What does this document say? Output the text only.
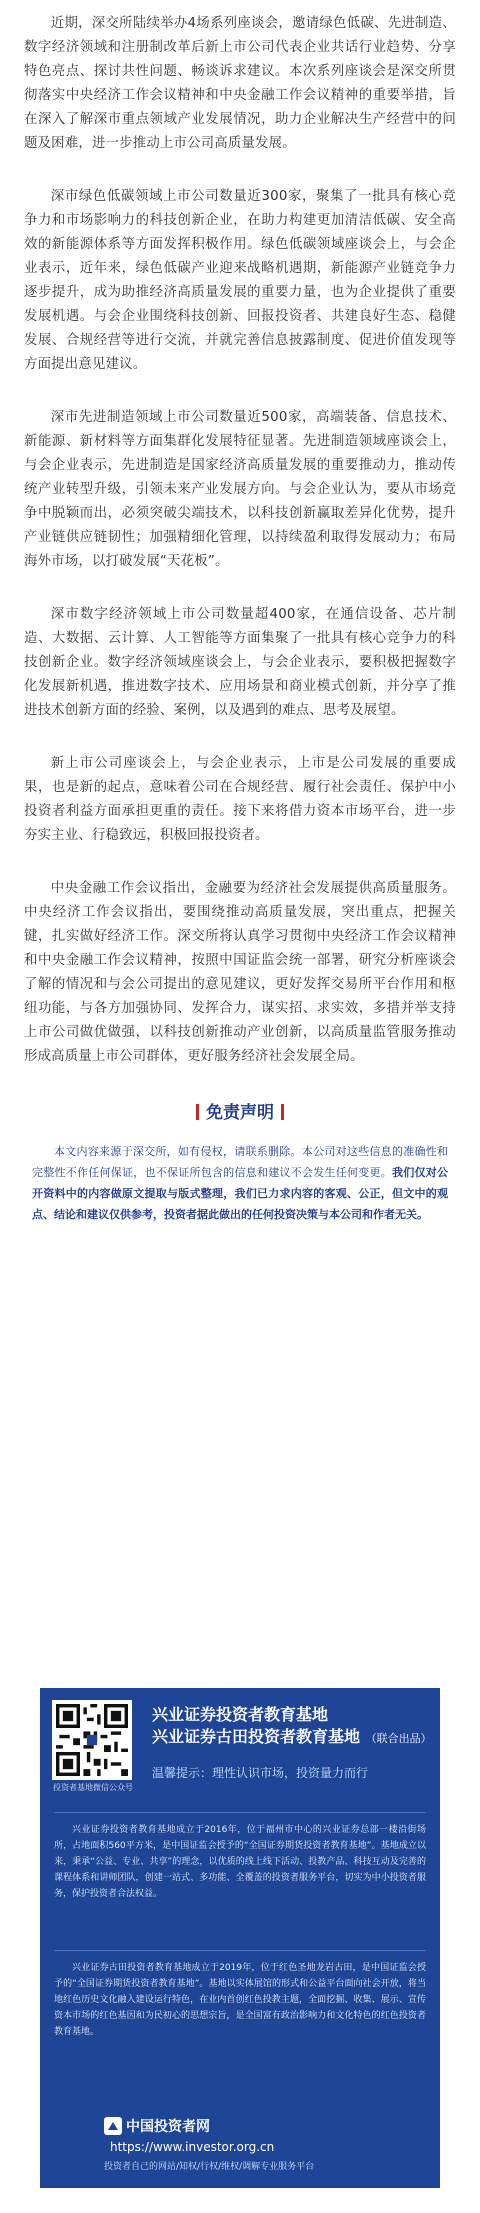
近期，深交所陆续举办4场系列座谈会，邀请绿色低碳、先进制造、数字经济领域和注册制改革后新上市公司代表企业共话行业趋势、分享特色亮点、探讨共性问题、畅谈诉求建议。本次系列座谈会是深交所贯彻落实中央经济工作会议精神和中央金融工作会议精神的重要举措，旨在深入了解深市重点领域产业发展情况，助力企业解决生产经营中的问题及困难，进一步推动上市公司高质量发展。

深市绿色低碳领域上市公司数量近300家，聚集了一批具有核心竞争力和市场影响力的科技创新企业，在助力构建更加清洁低碳、安全高效的新能源体系等方面发挥积极作用。绿色低碳领域座谈会上，与会企业表示，近年来，绿色低碳产业迎来战略机遇期，新能源产业链竞争力逐步提升，成为助推经济高质量发展的重要力量，也为企业提供了重要发展机遇。与会企业围绕科技创新、回报投资者、共建良好生态、稳健发展、合规经营等进行交流，并就完善信息披露制度、促进价值发现等方面提出意见建议。

深市先进制造领域上市公司数量近500家，高端装备、信息技术、新能源、新材料等方面集群化发展特征显著。先进制造领域座谈会上，与会企业表示，先进制造是国家经济高质量发展的重要推动力，推动传统产业转型升级，引领未来产业发展方向。与会企业认为，要从市场竞争中脱颖而出，必须突破尖端技术，以科技创新赢取差异化优势，提升产业链供应链韧性；加强精细化管理，以持续盈利取得发展动力；布局海外市场，以打破发展“天花板”。

深市数字经济领域上市公司数量超400家，在通信设备、芯片制造、大数据、云计算、人工智能等方面集聚了一批具有核心竞争力的科技创新企业。数字经济领域座谈会上，与会企业表示，要积极把握数字化发展新机遇，推进数字技术、应用场景和商业模式创新，并分享了推进技术创新方面的经验、案例，以及遇到的难点、思考及展望。

新上市公司座谈会上，与会企业表示，上市是公司发展的重要成果，也是新的起点，意味着公司在合规经营、履行社会责任、保护中小投资者利益方面承担更重的责任。接下来将借力资本市场平台，进一步夯实主业、行稳致远，积极回报投资者。

中央金融工作会议指出，金融要为经济社会发展提供高质量服务。中央经济工作会议指出，要围绕推动高质量发展，突出重点，把握关键，扎实做好经济工作。深交所将认真学习贯彻中央经济工作会议精神和中央金融工作会议精神，按照中国证监会统一部署，研究分析座谈会了解的情况和与会公司提出的意见建议，更好发挥交易所平台作用和枢纽功能，与各方加强协同、发挥合力，谋实招、求实效，多措并举支持上市公司做优做强，以科技创新推动产业创新，以高质量监管服务推动形成高质量上市公司群体，更好服务经济社会发展全局。

免责声明

本文内容来源于深交所，如有侵权，请联系删除。本公司对这些信息的准确性和完整性不作任何保证，也不保证所包含的信息和建议不会发生任何变更。我们仅对公开资料中的内容做原文提取与版式整理，我们已力求内容的客观、公正，但文中的观点、结论和建议仅供参考，投资者据此做出的任何投资决策与本公司和作者无关。

投资者基地微信公众号
兴业证券投资者教育基地
兴业证券古田投资者教育基地 （联合出品）
温馨提示：理性认识市场，投资量力而行
兴业证券投资者教育基地成立于2016年，位于福州市中心的兴业证券总部一楼沿街场所，占地面积560平方米，是中国证监会授予的“全国证券期货投资者教育基地”。基地成立以来，秉承“公益、专业、共享”的理念，以优质的线上线下活动、投教产品、科技互动及完善的课程体系和讲师团队，创建一站式、多功能、全覆盖的投资者服务平台，切实为中小投资者服务，保护投资者合法权益。
兴业证券古田投资者教育基地成立于2019年，位于红色圣地龙岩古田，是中国证监会授予的“全国证券期货投资者教育基地”。基地以实体展馆的形式和公益平台面向社会开放，将当地红色历史文化融入建设运行特色，在业内首创红色投教主题，全面挖掘、收集、展示、宣传资本市场的红色基因和为民初心的思想宗旨，是全国富有政治影响力和文化特色的红色投资者教育基地。
中国投资者网https://www.investor.org.cn
投资者自己的网站/知权/行权/维权/调解专业服务平台
